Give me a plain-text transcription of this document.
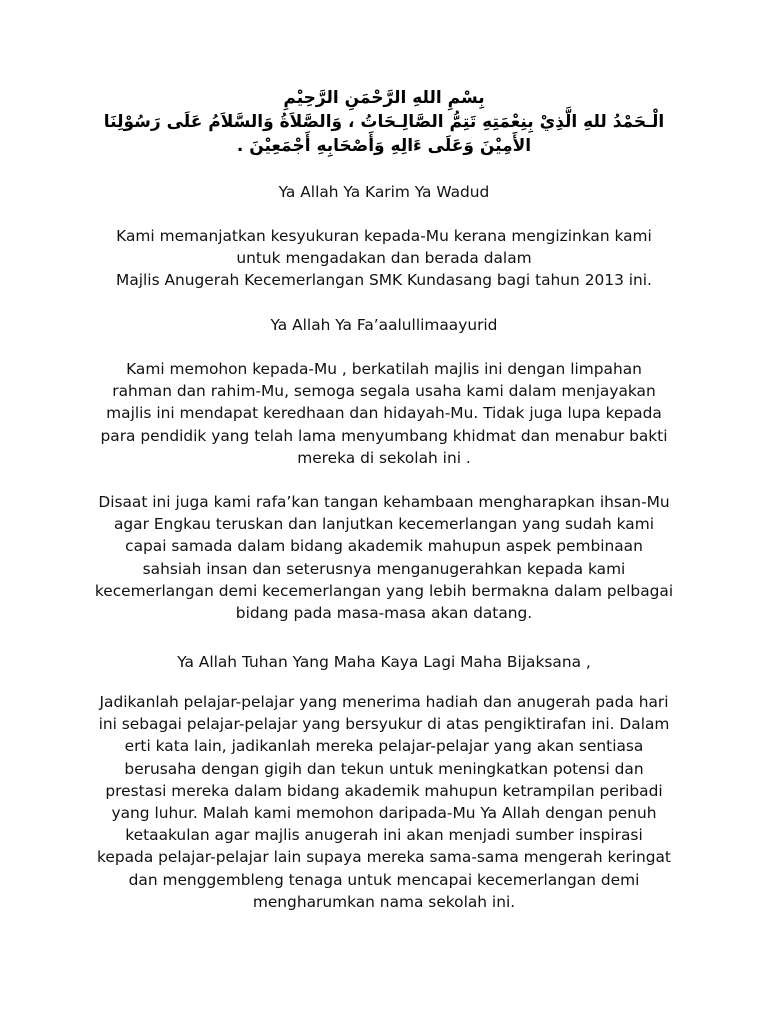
بِسْمِ اللهِ الرَّحْمَنِ الرَّحِيْمِ
الْـحَمْدُ للهِ الَّذِيْ بِنِعْمَتِهِ تَتِمُّ الصَّالِـحَاتُ ، وَالصَّلاَةُ وَالسَّلاَمُ عَلَى رَسُوْلِنَا
الأَمِيْنَ وَعَلَى ءَالِهِ وَأَصْحَابِهِ أَجْمَعِيْنَ .
Ya Allah Ya Karim Ya Wadud
Kami memanjatkan kesyukuran kepada-Mu kerana mengizinkan kami
untuk mengadakan dan berada dalam
Majlis Anugerah Kecemerlangan SMK Kundasang bagi tahun 2013 ini.
Ya Allah Ya Fa’aalullimaayurid
Kami memohon kepada-Mu , berkatilah majlis ini dengan limpahan
rahman dan rahim-Mu, semoga segala usaha kami dalam menjayakan
majlis ini mendapat keredhaan dan hidayah-Mu. Tidak juga lupa kepada
para pendidik yang telah lama menyumbang khidmat dan menabur bakti
mereka di sekolah ini .
Disaat ini juga kami rafa’kan tangan kehambaan mengharapkan ihsan-Mu
agar Engkau teruskan dan lanjutkan kecemerlangan yang sudah kami
capai samada dalam bidang akademik mahupun aspek pembinaan
sahsiah insan dan seterusnya menganugerahkan kepada kami
kecemerlangan demi kecemerlangan yang lebih bermakna dalam pelbagai
bidang pada masa-masa akan datang.
Ya Allah Tuhan Yang Maha Kaya Lagi Maha Bijaksana ,
Jadikanlah pelajar-pelajar yang menerima hadiah dan anugerah pada hari
ini sebagai pelajar-pelajar yang bersyukur di atas pengiktirafan ini. Dalam
erti kata lain, jadikanlah mereka pelajar-pelajar yang akan sentiasa
berusaha dengan gigih dan tekun untuk meningkatkan potensi dan
prestasi mereka dalam bidang akademik mahupun ketrampilan peribadi
yang luhur. Malah kami memohon daripada-Mu Ya Allah dengan penuh
ketaakulan agar majlis anugerah ini akan menjadi sumber inspirasi
kepada pelajar-pelajar lain supaya mereka sama-sama mengerah keringat
dan menggembleng tenaga untuk mencapai kecemerlangan demi
mengharumkan nama sekolah ini.
